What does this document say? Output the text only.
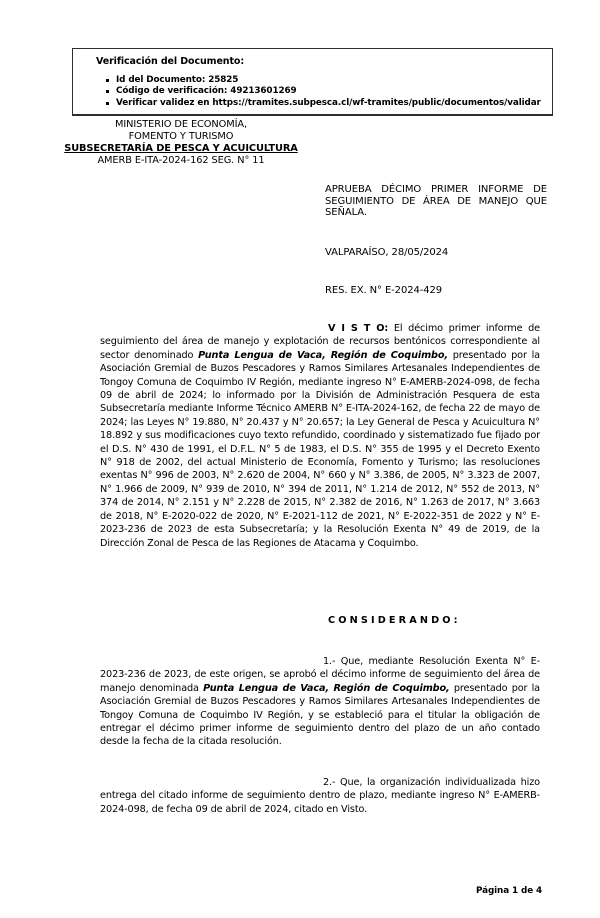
Verificación del Documento:
Id del Documento: 25825
Código de verificación: 49213601269
Verificar validez en https://tramites.subpesca.cl/wf-tramites/public/documentos/validar
MINISTERIO DE ECONOMÍA,
FOMENTO Y TURISMO
SUBSECRETARÍA DE PESCA Y ACUICULTURA
AMERB E-ITA-2024-162 SEG. N° 11
APRUEBA DÉCIMO PRIMER INFORME DE SEGUIMIENTO DE ÁREA DE MANEJO QUE SEÑALA.
VALPARAÍSO, 28/05/2024
RES. EX. N° E-2024-429
V I S T O: El décimo primer informe de seguimiento del área de manejo y explotación de recursos bentónicos correspondiente al sector denominado Punta Lengua de Vaca, Región de Coquimbo, presentado por la Asociación Gremial de Buzos Pescadores y Ramos Similares Artesanales Independientes de Tongoy Comuna de Coquimbo IV Región, mediante ingreso N° E-AMERB-2024-098, de fecha 09 de abril de 2024; lo informado por la División de Administración Pesquera de esta Subsecretaría mediante Informe Técnico AMERB N° E-ITA-2024-162, de fecha 22 de mayo de 2024; las Leyes N° 19.880, N° 20.437 y N° 20.657; la Ley General de Pesca y Acuicultura N° 18.892 y sus modificaciones cuyo texto refundido, coordinado y sistematizado fue fijado por el D.S. N° 430 de 1991, el D.F.L. N° 5 de 1983, el D.S. N° 355 de 1995 y el Decreto Exento N° 918 de 2002, del actual Ministerio de Economía, Fomento y Turismo; las resoluciones exentas N° 996 de 2003, N° 2.620 de 2004, N° 660 y N° 3.386, de 2005, N° 3.323 de 2007, N° 1.966 de 2009, N° 939 de 2010, N° 394 de 2011, N° 1.214 de 2012, N° 552 de 2013, N° 374 de 2014, N° 2.151 y N° 2.228 de 2015, N° 2.382 de 2016, N° 1.263 de 2017, N° 3.663 de 2018, N° E-2020-022 de 2020, N° E-2021-112 de 2021, N° E-2022-351 de 2022 y N° E-2023-236 de 2023 de esta Subsecretaría; y la Resolución Exenta N° 49 de 2019, de la Dirección Zonal de Pesca de las Regiones de Atacama y Coquimbo.
C O N S I D E R A N D O :
1.- Que, mediante Resolución Exenta N° E-2023-236 de 2023, de este origen, se aprobó el décimo informe de seguimiento del área de manejo denominada Punta Lengua de Vaca, Región de Coquimbo, presentado por la Asociación Gremial de Buzos Pescadores y Ramos Similares Artesanales Independientes de Tongoy Comuna de Coquimbo IV Región, y se estableció para el titular la obligación de entregar el décimo primer informe de seguimiento dentro del plazo de un año contado desde la fecha de la citada resolución.
2.- Que, la organización individualizada hizo entrega del citado informe de seguimiento dentro de plazo, mediante ingreso N° E-AMERB-2024-098, de fecha 09 de abril de 2024, citado en Visto.
Página 1 de 4
